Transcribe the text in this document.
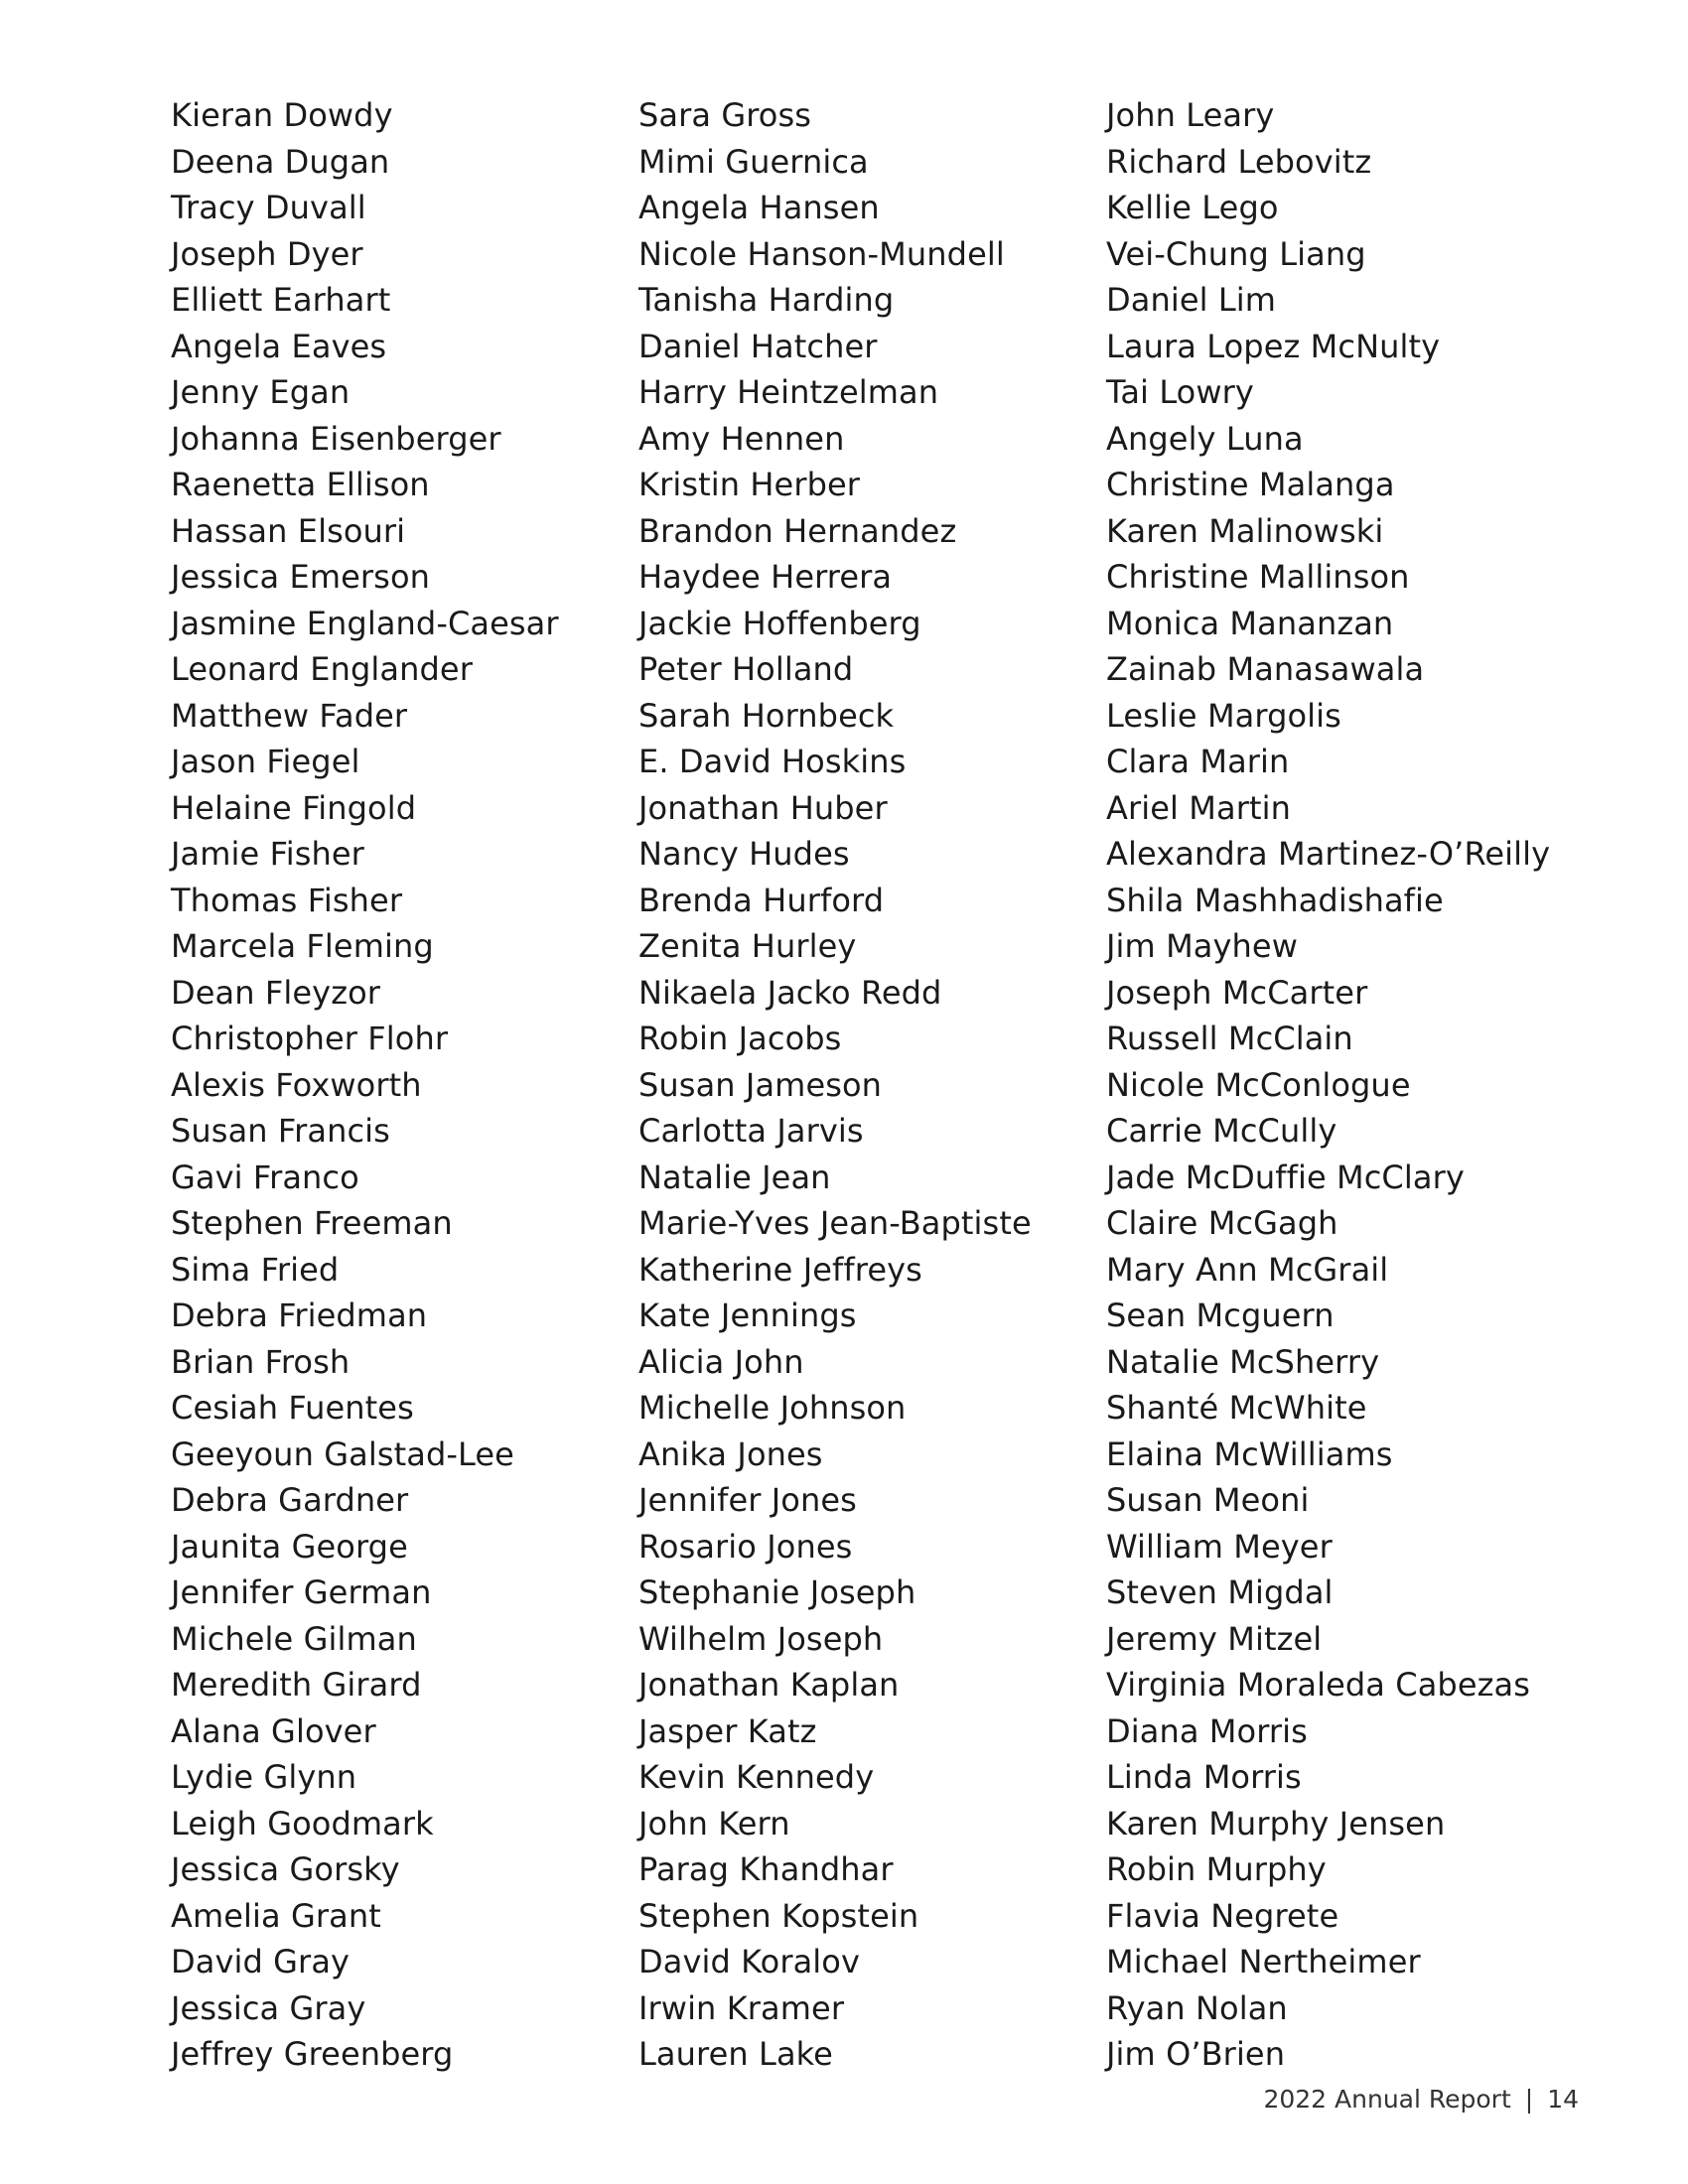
Kieran Dowdy
Deena Dugan
Tracy Duvall
Joseph Dyer
Elliett Earhart
Angela Eaves
Jenny Egan
Johanna Eisenberger
Raenetta Ellison
Hassan Elsouri
Jessica Emerson
Jasmine England-Caesar
Leonard Englander
Matthew Fader
Jason Fiegel
Helaine Fingold
Jamie Fisher
Thomas Fisher
Marcela Fleming
Dean Fleyzor
Christopher Flohr
Alexis Foxworth
Susan Francis
Gavi Franco
Stephen Freeman
Sima Fried
Debra Friedman
Brian Frosh
Cesiah Fuentes
Geeyoun Galstad-Lee
Debra Gardner
Jaunita George
Jennifer German
Michele Gilman
Meredith Girard
Alana Glover
Lydie Glynn
Leigh Goodmark
Jessica Gorsky
Amelia Grant
David Gray
Jessica Gray
Jeffrey Greenberg
Sara Gross
Mimi Guernica
Angela Hansen
Nicole Hanson-Mundell
Tanisha Harding
Daniel Hatcher
Harry Heintzelman
Amy Hennen
Kristin Herber
Brandon Hernandez
Haydee Herrera
Jackie Hoffenberg
Peter Holland
Sarah Hornbeck
E. David Hoskins
Jonathan Huber
Nancy Hudes
Brenda Hurford
Zenita Hurley
Nikaela Jacko Redd
Robin Jacobs
Susan Jameson
Carlotta Jarvis
Natalie Jean
Marie-Yves Jean-Baptiste
Katherine Jeffreys
Kate Jennings
Alicia John
Michelle Johnson
Anika Jones
Jennifer Jones
Rosario Jones
Stephanie Joseph
Wilhelm Joseph
Jonathan Kaplan
Jasper Katz
Kevin Kennedy
John Kern
Parag Khandhar
Stephen Kopstein
David Koralov
Irwin Kramer
Lauren Lake
John Leary
Richard Lebovitz
Kellie Lego
Vei-Chung Liang
Daniel Lim
Laura Lopez McNulty
Tai Lowry
Angely Luna
Christine Malanga
Karen Malinowski
Christine Mallinson
Monica Mananzan
Zainab Manasawala
Leslie Margolis
Clara Marin
Ariel Martin
Alexandra Martinez-O’Reilly
Shila Mashhadishafie
Jim Mayhew
Joseph McCarter
Russell McClain
Nicole McConlogue
Carrie McCully
Jade McDuffie McClary
Claire McGagh
Mary Ann McGrail
Sean Mcguern
Natalie McSherry
Shanté McWhite
Elaina McWilliams
Susan Meoni
William Meyer
Steven Migdal
Jeremy Mitzel
Virginia Moraleda Cabezas
Diana Morris
Linda Morris
Karen Murphy Jensen
Robin Murphy
Flavia Negrete
Michael Nertheimer
Ryan Nolan
Jim O’Brien
2022 Annual Report | 14
